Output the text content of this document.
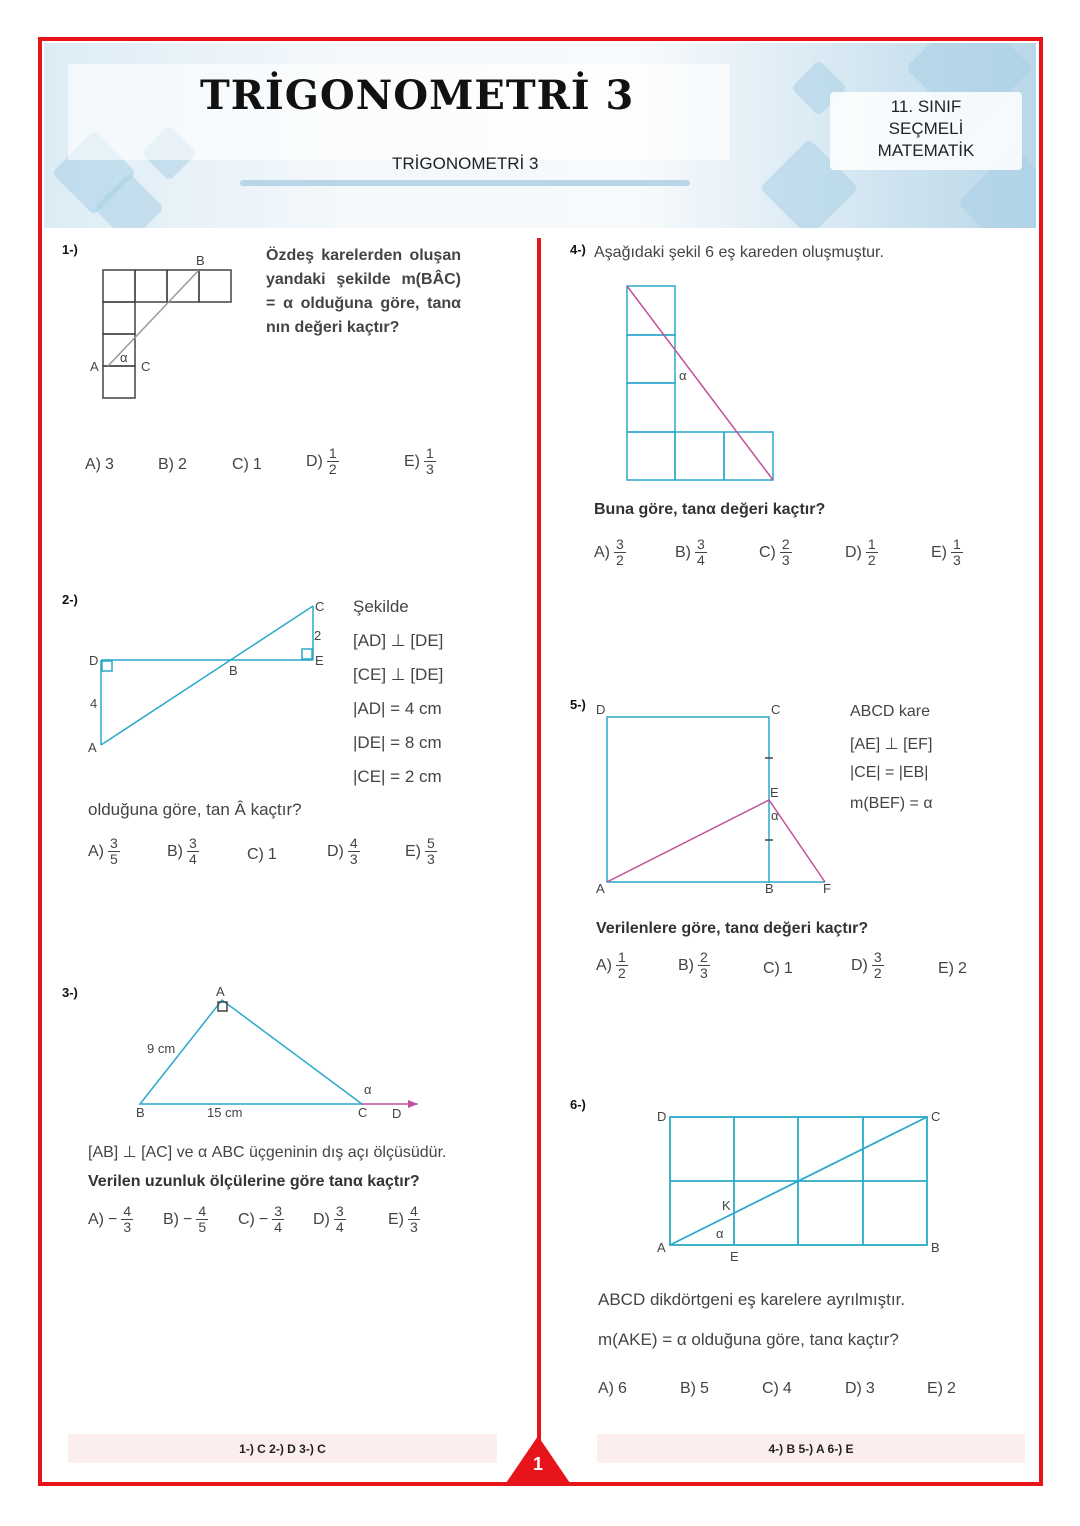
TRİGONOMETRİ 3
TRİGONOMETRİ 3
11. SINIF
SEÇMELİ
MATEMATİK
A
B
C
α
D
A
B
C
E
4
2
A
B	C D
9 cm
15 cm
α
α
D	C
A	B	F
E
α
D	C
A	B
E
K
α
1-)	Özdeş karelerden oluşan yandaki şekilde m(BÂC) = α olduğuna göre, tanα nın değeri kaçtır?
A) 3	B) 2	C) 1	$D) \frac{1}{2}$	$E) \frac{1}{3}$
2-)	Şekilde
[AD] ⊥ [DE]
[CE] ⊥ [DE]
|AD| = 4 cm
|DE| = 8 cm
|CE| = 2 cm
olduğuna göre, tan Â kaçtır?
$A) \frac{3}{5}$	$B) \frac{3}{4}$	C) 1	$D) \frac{4}{3}$	$E) \frac{5}{3}$
3-)
[AB] ⊥ [AC] ve α ABC üçgeninin dış açı ölçüsüdür.
Verilen uzunluk ölçülerine göre tanα kaçtır?
$A) - \frac{4}{3} B) - \frac{4}{5} C) - \frac{3}{4} D) \frac{3}{4}$	$E) \frac{4}{3}$
4-) Aşağıdaki şekil 6 eş kareden oluşmuştur.
Buna göre, tanα değeri kaçtır?
$A) \frac{3}{2}$	$B) \frac{3}{4}$	$C) \frac{2}{3}$	$D) \frac{1}{2}$	$E) \frac{1}{3}$
5-)	ABCD kare
[AE] ⊥ [EF]
|CE| = |EB|
m(BEF) = α
Verilenlere göre, tanα değeri kaçtır?
$A) \frac{1}{2}$	$B) \frac{2}{3}$	C) 1	$D) \frac{3}{2}$	E) 2
6-)
ABCD dikdörtgeni eş karelere ayrılmıştır.
m(AKE) = α olduğuna göre, tanα kaçtır?
A) 6	B) 5	C) 4	D) 3	E) 2
1-) C 2-) D 3-) C	4-) B 5-) A 6-) E
1
